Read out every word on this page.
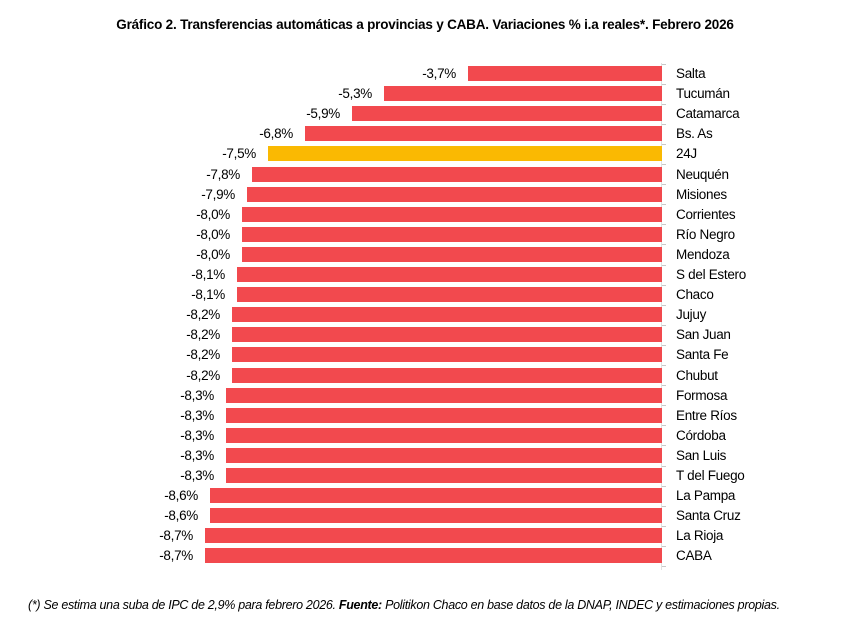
Gráfico 2. Transferencias automáticas a provincias y CABA. Variaciones % i.a reales*. Febrero 2026
-3,7%	Salta
-5,3%	Tucumán
-5,9%	Catamarca
-6,8%	Bs. As
-7,5%	24J
-7,8%	Neuquén
-7,9%	Misiones
-8,0%	Corrientes
-8,0%	Río Negro
-8,0%	Mendoza
-8,1%	S del Estero
-8,1%	Chaco
-8,2%	Jujuy
-8,2%	San Juan
-8,2%	Santa Fe
-8,2%	Chubut
-8,3%	Formosa
-8,3%	Entre Ríos
-8,3%	Córdoba
-8,3%	San Luis
-8,3%	T del Fuego
-8,6%	La Pampa
-8,6%	Santa Cruz
-8,7%	La Rioja
-8,7%	CABA
(*) Se estima una suba de IPC de 2,9% para febrero 2026. Fuente: Politikon Chaco en base datos de la DNAP, INDEC y estimaciones propias.
